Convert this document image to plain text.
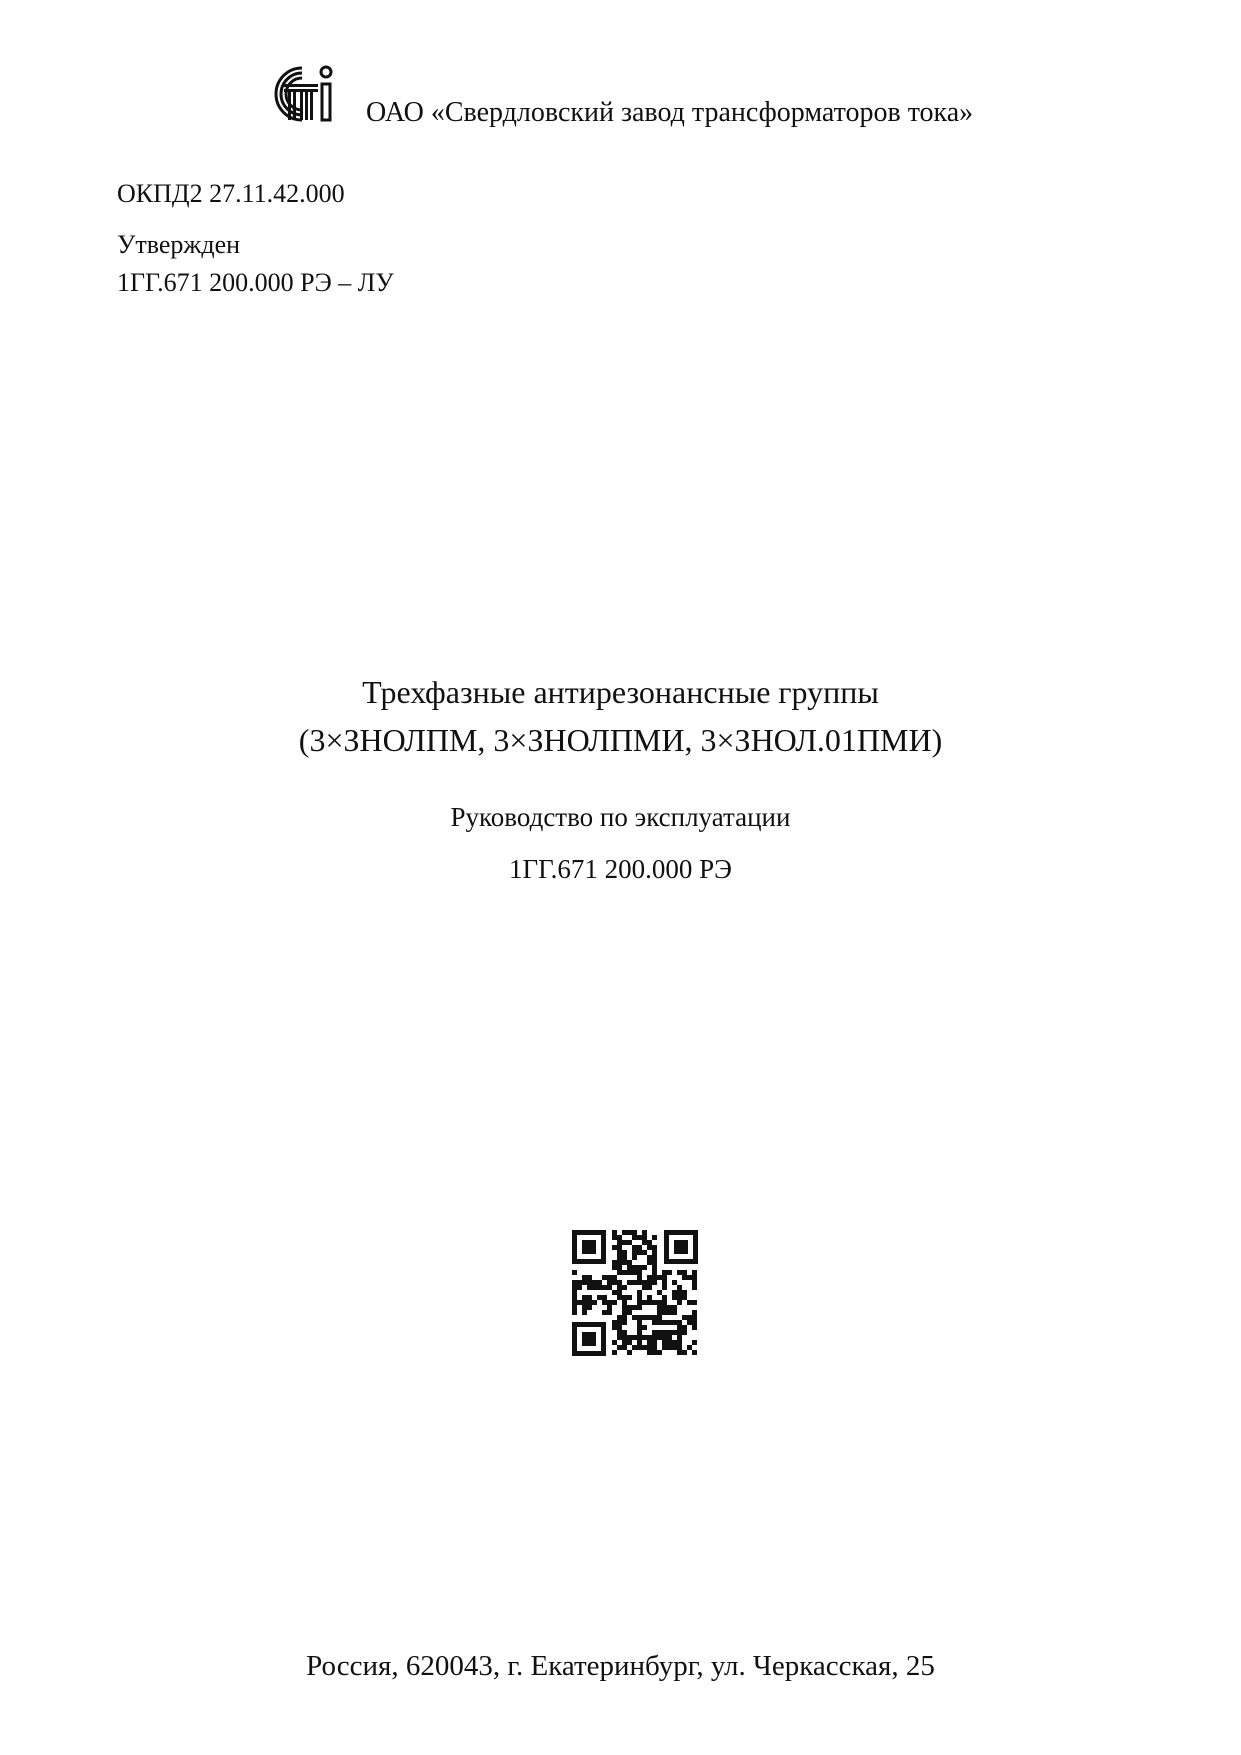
ОАО «Свердловский завод трансформаторов тока»
ОКПД2 27.11.42.000
Утвержден
1ГГ.671 200.000 РЭ – ЛУ
Трехфазные антирезонансные группы
(3×ЗНОЛПМ, 3×ЗНОЛПМИ, 3×ЗНОЛ.01ПМИ)
Руководство по эксплуатации
1ГГ.671 200.000 РЭ
Россия, 620043, г. Екатеринбург, ул. Черкасская, 25
